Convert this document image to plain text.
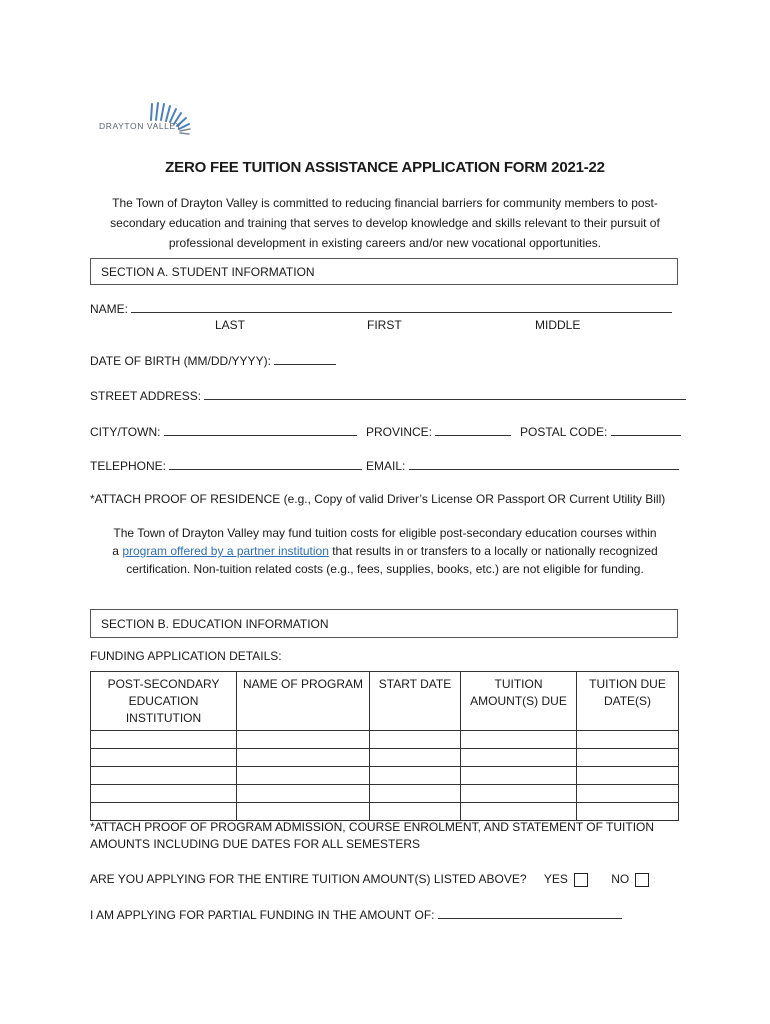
DRAYTON VALLEY
ZERO FEE TUITION ASSISTANCE APPLICATION FORM 2021-22
The Town of Drayton Valley is committed to reducing financial barriers for community members to post-secondary education and training that serves to develop knowledge and skills relevant to their pursuit of professional development in existing careers and/or new vocational opportunities.
SECTION A. STUDENT INFORMATION
NAME:
LAST	FIRST	MIDDLE
DATE OF BIRTH (MM/DD/YYYY):
STREET ADDRESS:
CITY/TOWN:	PROVINCE:	POSTAL CODE:
TELEPHONE:	EMAIL:
*ATTACH PROOF OF RESIDENCE (e.g., Copy of valid Driver’s License OR Passport OR Current Utility Bill)
The Town of Drayton Valley may fund tuition costs for eligible post-secondary education courses within
a program offered by a partner institution that results in or transfers to a locally or nationally recognized
certification. Non-tuition related costs (e.g., fees, supplies, books, etc.) are not eligible for funding.
SECTION B. EDUCATION INFORMATION
FUNDING APPLICATION DETAILS:
POST-SECONDARY EDUCATION INSTITUTION	NAME OF PROGRAM	START DATE	TUITION AMOUNT(S) DUE	TUITION DUE DATE(S)

*ATTACH PROOF OF PROGRAM ADMISSION, COURSE ENROLMENT, AND STATEMENT OF TUITION
AMOUNTS INCLUDING DUE DATES FOR ALL SEMESTERS
ARE YOU APPLYING FOR THE ENTIRE TUITION AMOUNT(S) LISTED ABOVE? YES	NO
I AM APPLYING FOR PARTIAL FUNDING IN THE AMOUNT OF:
